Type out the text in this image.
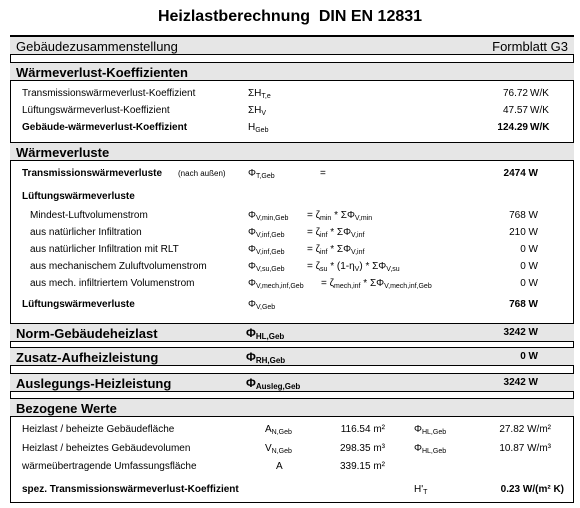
Heizlastberechnung  DIN EN 12831
Gebäudezusammenstellung	Formblatt G3
Wärmeverlust-Koeffizienten
Transmissionswärmeverlust-Koeffizient	$\Sigma H_{T,e}$	76.72 W/K
Lüftungswärmeverlust-Koeffizient	$\Sigma H_V$	47.57 W/K
Gebäude-wärmeverlust-Koeffizient	$H_{Geb}$	124.29 W/K
Wärmeverluste
Transmissionswärmeverluste (nach außen) $\Phi_{T,Geb}$	=	2474 W
Lüftungswärmeverluste
Mindest-Luftvolumenstrom	$\Phi_{V,min,Geb} = \zeta_{min} * \Sigma\Phi_{V,min}$	768 W
aus natürlicher Infiltration	$\Phi_{V,inf,Geb} = \zeta_{inf} * \Sigma\Phi_{V,inf}$	210 W
aus natürlicher Infiltration mit RLT	$\Phi_{V,inf,Geb} = \zeta_{inf} * \Sigma\Phi_{V,inf}$	0 W
aus mechanischem Zuluftvolumenstrom	$\Phi_{V,su,Geb} = \zeta_{su} * (1-\eta_V) * \Sigma\Phi_{V,su}$	0 W
aus mech. infiltriertem Volumenstrom	$\Phi_{V,mech,inf,Geb} = \zeta_{mech,inf} * \Sigma\Phi_{V,mech,inf,Geb}$	0 W
Lüftungswärmeverluste	$\Phi_{V,Geb}$	768 W
Norm-Gebäudeheizlast	$\Phi_{HL,Geb}$	3242 W
Zusatz-Aufheizleistung	$\Phi_{RH,Geb}$	0 W
Auslegungs-Heizleistung	$\Phi_{Ausleg,Geb}$	3242 W
Bezogene Werte
Heizlast / beheizte Gebäudefläche	$A_{N,Geb}$	116.54 m²	$\Phi_{HL,Geb}$	27.82 W/m²
Heizlast / beheiztes Gebäudevolumen	$V_{N,Geb}$	298.35 m³	$\Phi_{HL,Geb}$	10.87 W/m³
wärmeübertragende Umfassungsfläche	A	339.15 m²
spez. Transmissionswärmeverlust-Koeffizient	$H'_T$	0.23 W/(m² K)
